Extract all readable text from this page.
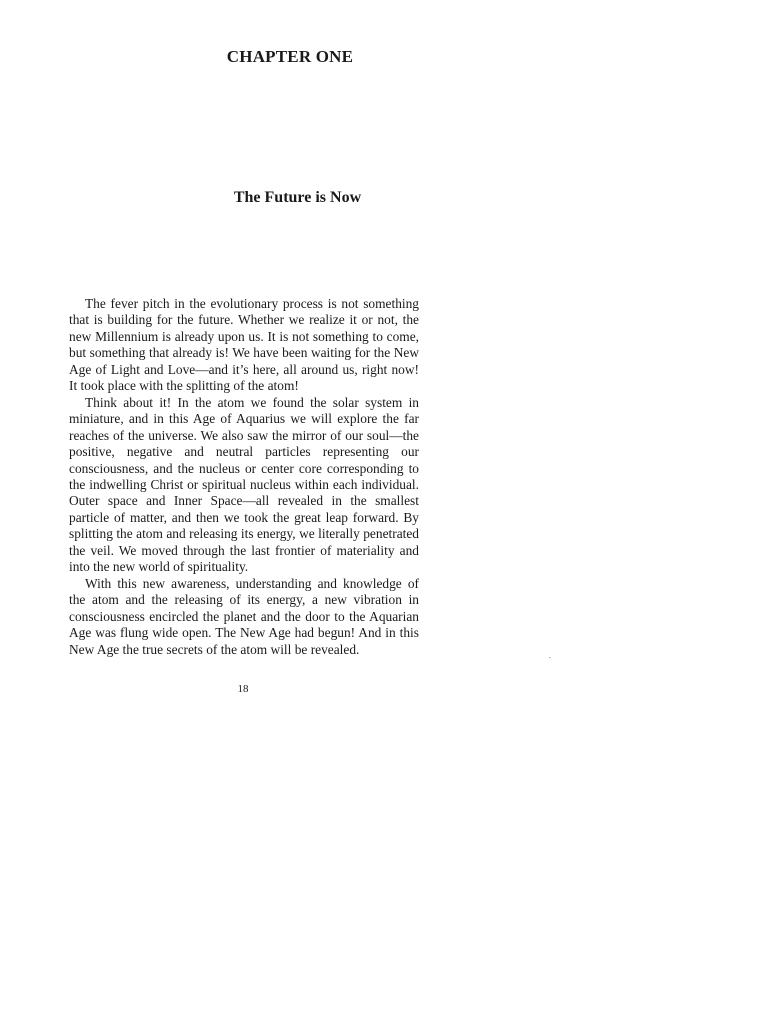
CHAPTER ONE
The Future is Now

The fever pitch in the evolutionary process is not something that is building for the future. Whether we realize it or not, the new Millennium is already upon us. It is not something to come, but something that already is! We have been waiting for the New Age of Light and Love—and it’s here, all around us, right now! It took place with the splitting of the atom!

Think about it! In the atom we found the solar system in miniature, and in this Age of Aquarius we will explore the far reaches of the universe. We also saw the mirror of our soul—the positive, negative and neutral particles representing our consciousness, and the nucleus or center core corresponding to the indwelling Christ or spiritual nucleus within each individual. Outer space and Inner Space—all revealed in the smallest particle of matter, and then we took the great leap forward. By splitting the atom and releasing its energy, we literally penetrated the veil. We moved through the last frontier of materiality and into the new world of spirituality.

With this new awareness, understanding and knowledge of the atom and the releasing of its energy, a new vibration in consciousness encircled the planet and the door to the Aquarian Age was flung wide open. The New Age had begun! And in this New Age the true secrets of the atom will be revealed.

18
